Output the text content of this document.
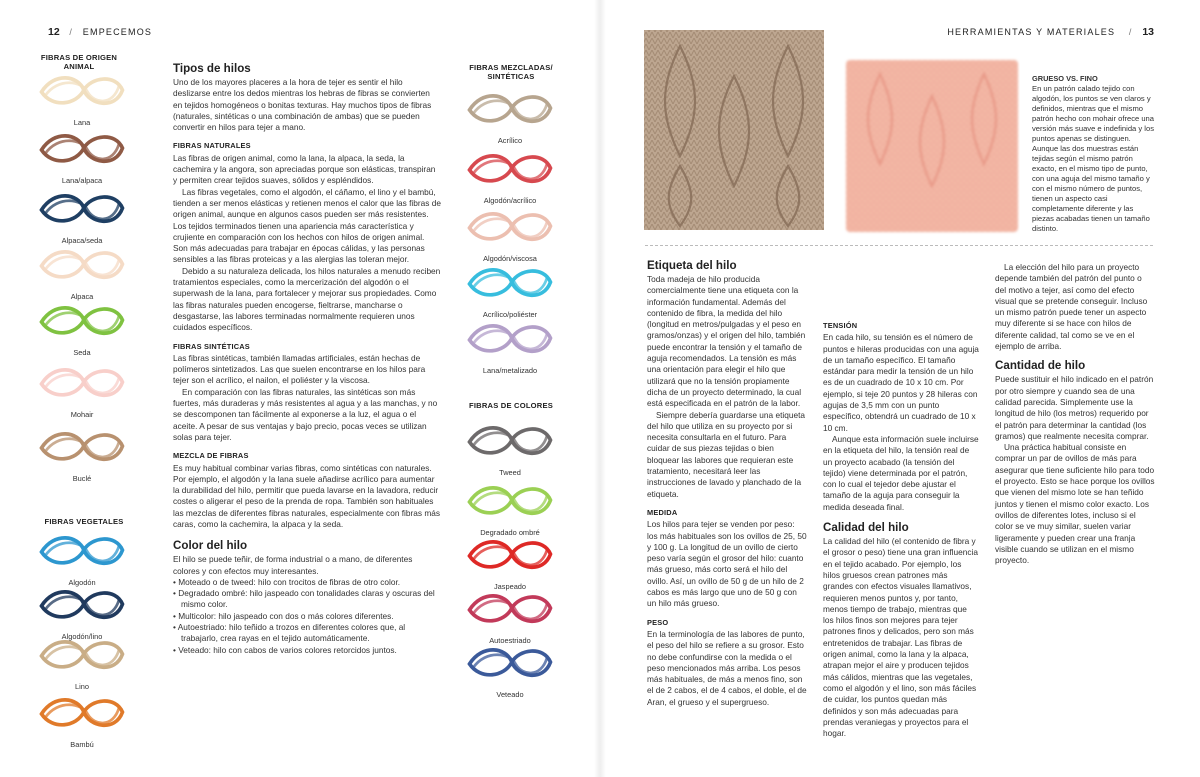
12 / EMPECEMOS
FIBRAS DE ORIGEN ANIMAL
FIBRAS VEGETALES
Lana
Lana/alpaca
Alpaca/seda
Alpaca
Seda
Mohair
Buclé
Algodón
Algodón/lino
Lino
Bambú
FIBRAS MEZCLADAS/ SINTÉTICAS
FIBRAS DE COLORES
Acrílico
Algodón/acrílico
Algodón/viscosa
Acrílico/poliéster
Lana/metalizado
Tweed
Degradado ombré
Jaspeado
Autoestriado
Veteado
Tipos de hilos

Uno de los mayores placeres a la hora de tejer es sentir el hilo deslizarse entre los dedos mientras los hebras de fibras se convierten en tejidos homogéneos o bonitas texturas. Hay muchos tipos de fibras (naturales, sintéticas o una combinación de ambas) que se pueden convertir en hilos para tejer a mano.

FIBRAS NATURALES

Las fibras de origen animal, como la lana, la alpaca, la seda, la cachemira y la angora, son apreciadas porque son elásticas, transpiran y permiten crear tejidos suaves, sólidos y espléndidos.

Las fibras vegetales, como el algodón, el cáñamo, el lino y el bambú, tienden a ser menos elásticas y retienen menos el calor que las fibras de origen animal, aunque en algunos casos pueden ser más resistentes. Los tejidos terminados tienen una apariencia más característica y crujiente en comparación con los hechos con hilos de origen animal. Son más adecuadas para trabajar en épocas cálidas, y las personas sensibles a las fibras proteicas y a las alergias las toleran mejor.

Debido a su naturaleza delicada, los hilos naturales a menudo reciben tratamientos especiales, como la mercerización del algodón o el superwash de la lana, para fortalecer y mejorar sus propiedades. Como las fibras naturales pueden encogerse, fieltrarse, mancharse o desgastarse, las labores terminadas normalmente requieren unos cuidados específicos.

FIBRAS SINTÉTICAS

Las fibras sintéticas, también llamadas artificiales, están hechas de polímeros sintetizados. Las que suelen encontrarse en los hilos para tejer son el acrílico, el nailon, el poliéster y la viscosa.

En comparación con las fibras naturales, las sintéticas son más fuertes, más duraderas y más resistentes al agua y a las manchas, y no se descomponen tan fácilmente al exponerse a la luz, el agua o el aceite. A pesar de sus ventajas y bajo precio, pocas veces se utilizan solas para tejer.

MEZCLA DE FIBRAS

Es muy habitual combinar varias fibras, como sintéticas con naturales. Por ejemplo, el algodón y la lana suele añadirse acrílico para aumentar la durabilidad del hilo, permitir que pueda lavarse en la lavadora, reducir costes o aligerar el peso de la prenda de ropa. También son habituales las mezclas de diferentes fibras naturales, especialmente con fibras más caras, como la cachemira, la alpaca y la seda.

Color del hilo

El hilo se puede teñir, de forma industrial o a mano, de diferentes colores y con efectos muy interesantes.

• Moteado o de tweed: hilo con trocitos de fibras de otro color.
• Degradado ombré: hilo jaspeado con tonalidades claras y oscuras del mismo color.
• Multicolor: hilo jaspeado con dos o más colores diferentes.
• Autoestriado: hilo teñido a trozos en diferentes colores que, al trabajarlo, crea rayas en el tejido automáticamente.
• Veteado: hilo con cabos de varios colores retorcidos juntos.
HERRAMIENTAS Y MATERIALES / 13
GRUESO VS. FINO
En un patrón calado tejido con algodón, los puntos se ven claros y definidos, mientras que el mismo patrón hecho con mohair ofrece una versión más suave e indefinida y los puntos apenas se distinguen. Aunque las dos muestras están tejidas según el mismo patrón exacto, en el mismo tipo de punto, con una aguja del mismo tamaño y con el mismo número de puntos, tienen un aspecto casi completamente diferente y las piezas acabadas tienen un tamaño distinto.
Etiqueta del hilo

Toda madeja de hilo producida comercialmente tiene una etiqueta con la información fundamental. Además del contenido de fibra, la medida del hilo (longitud en metros/pulgadas y el peso en gramos/onzas) y el origen del hilo, también puede encontrar la tensión y el tamaño de aguja recomendados. La tensión es más una orientación para elegir el hilo que utilizará que no la tensión propiamente dicha de un proyecto determinado, la cual está especificada en el patrón de la labor.

Siempre debería guardarse una etiqueta del hilo que utiliza en su proyecto por si necesita consultarla en el futuro. Para cuidar de sus piezas tejidas o bien bloquear las labores que requieran este tratamiento, necesitará leer las instrucciones de lavado y planchado de la etiqueta.

MEDIDA

Los hilos para tejer se venden por peso: los más habituales son los ovillos de 25, 50 y 100 g. La longitud de un ovillo de cierto peso varía según el grosor del hilo: cuanto más grueso, más corto será el hilo del ovillo. Así, un ovillo de 50 g de un hilo de 2 cabos es más largo que uno de 50 g con un hilo más grueso.

PESO

En la terminología de las labores de punto, el peso del hilo se refiere a su grosor. Esto no debe confundirse con la medida o el peso mencionados más arriba. Los pesos más habituales, de más a menos fino, son el de 2 cabos, el de 4 cabos, el doble, el de Aran, el grueso y el supergrueso.

TENSIÓN

En cada hilo, su tensión es el número de puntos e hileras producidas con una aguja de un tamaño específico. El tamaño estándar para medir la tensión de un hilo es de un cuadrado de 10 x 10 cm. Por ejemplo, si teje 20 puntos y 28 hileras con agujas de 3,5 mm con un punto específico, obtendrá un cuadrado de 10 x 10 cm.

Aunque esta información suele incluirse en la etiqueta del hilo, la tensión real de un proyecto acabado (la tensión del tejido) viene determinada por el patrón, con lo cual el tejedor debe ajustar el tamaño de la aguja para conseguir la medida deseada final.

Calidad del hilo

La calidad del hilo (el contenido de fibra y el grosor o peso) tiene una gran influencia en el tejido acabado. Por ejemplo, los hilos gruesos crean patrones más grandes con efectos visuales llamativos, requieren menos puntos y, por tanto, menos tiempo de trabajo, mientras que los hilos finos son mejores para tejer patrones finos y delicados, pero son más entretenidos de trabajar. Las fibras de origen animal, como la lana y la alpaca, atrapan mejor el aire y producen tejidos más cálidos, mientras que las vegetales, como el algodón y el lino, son más fáciles de cuidar, los puntos quedan más definidos y son más adecuadas para prendas veraniegas y proyectos para el hogar.

La elección del hilo para un proyecto depende también del patrón del punto o del motivo a tejer, así como del efecto visual que se pretende conseguir. Incluso un mismo patrón puede tener un aspecto muy diferente si se hace con hilos de diferente calidad, tal como se ve en el ejemplo de arriba.

Cantidad de hilo

Puede sustituir el hilo indicado en el patrón por otro siempre y cuando sea de una calidad parecida. Simplemente use la longitud de hilo (los metros) requerido por el patrón para determinar la cantidad (los gramos) que realmente necesita comprar.

Una práctica habitual consiste en comprar un par de ovillos de más para asegurar que tiene suficiente hilo para todo el proyecto. Esto se hace porque los ovillos que vienen del mismo lote se han teñido juntos y tienen el mismo color exacto. Los ovillos de diferentes lotes, incluso si el color se ve muy similar, suelen variar ligeramente y pueden crear una franja visible cuando se utilizan en el mismo proyecto.
